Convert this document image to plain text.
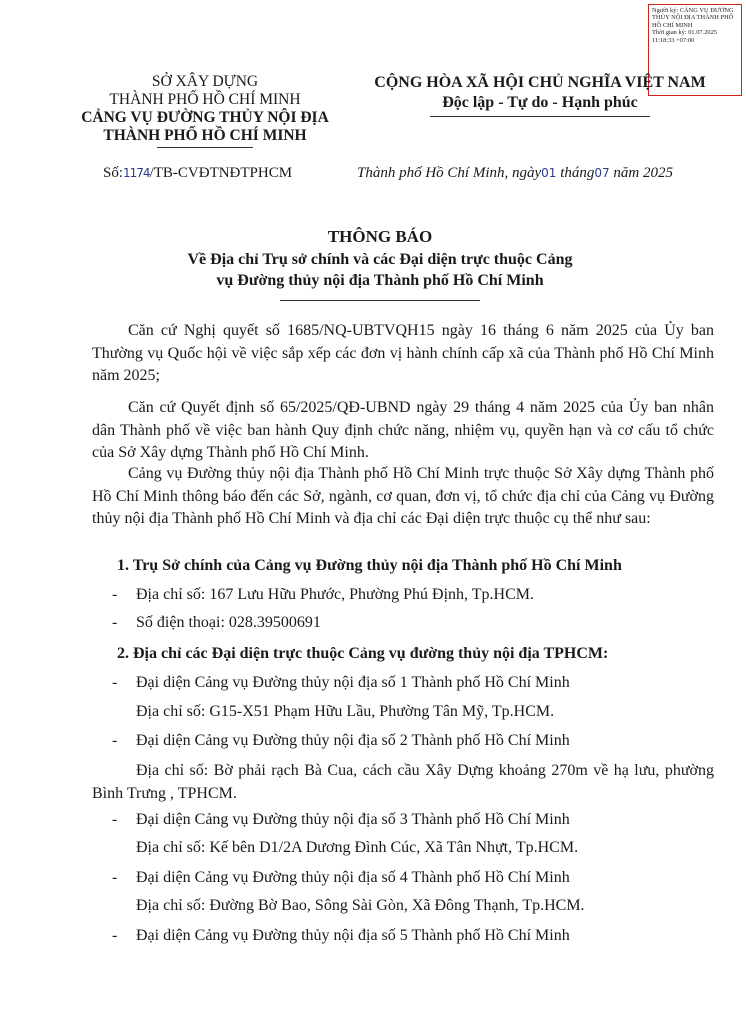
Người ký: CẢNG VỤ ĐƯỜNG THỦY NỘI ĐỊA THÀNH PHỐ HỒ CHÍ MINH
Thời gian ký: 01.07.2025 11:18:33 +07:00
SỞ XÂY DỰNG
THÀNH PHỐ HỒ CHÍ MINH
CẢNG VỤ ĐƯỜNG THỦY NỘI ĐỊA
THÀNH PHỐ HỒ CHÍ MINH
CỘNG HÒA XÃ HỘI CHỦ NGHĨA VIỆT NAM
Độc lập - Tự do - Hạnh phúc
Số:1174/TB-CVĐTNĐTPHCM	Thành phố Hồ Chí Minh, ngày01 tháng07 năm 2025
THÔNG BÁO
Về Địa chỉ Trụ sở chính và các Đại diện trực thuộc Cảng
vụ Đường thủy nội địa Thành phố Hồ Chí Minh

Căn cứ Nghị quyết số 1685/NQ-UBTVQH15 ngày 16 tháng 6 năm 2025 của Ủy ban Thường vụ Quốc hội về việc sắp xếp các đơn vị hành chính cấp xã của Thành phố Hồ Chí Minh năm 2025;

Căn cứ Quyết định số 65/2025/QĐ-UBND ngày 29 tháng 4 năm 2025 của Ủy ban nhân dân Thành phố về việc ban hành Quy định chức năng, nhiệm vụ, quyền hạn và cơ cấu tổ chức của Sở Xây dựng Thành phố Hồ Chí Minh.

Cảng vụ Đường thủy nội địa Thành phố Hồ Chí Minh trực thuộc Sở Xây dựng Thành phố Hồ Chí Minh thông báo đến các Sở, ngành, cơ quan, đơn vị, tổ chức địa chỉ của Cảng vụ Đường thủy nội địa Thành phố Hồ Chí Minh và địa chỉ các Đại diện trực thuộc cụ thể như sau:

1. Trụ Sở chính của Cảng vụ Đường thủy nội địa Thành phố Hồ Chí Minh

- Địa chỉ số: 167 Lưu Hữu Phước, Phường Phú Định, Tp.HCM.

- Số điện thoại: 028.39500691

2. Địa chỉ các Đại diện trực thuộc Cảng vụ đường thủy nội địa TPHCM:

- Đại diện Cảng vụ Đường thủy nội địa số 1 Thành phố Hồ Chí Minh

Địa chỉ số: G15-X51 Phạm Hữu Lầu, Phường Tân Mỹ, Tp.HCM.

- Đại diện Cảng vụ Đường thủy nội địa số 2 Thành phố Hồ Chí Minh

Địa chỉ số: Bờ phải rạch Bà Cua, cách cầu Xây Dựng khoảng 270m về hạ lưu, phường Bình Trưng , TPHCM.

- Đại diện Cảng vụ Đường thủy nội địa số 3 Thành phố Hồ Chí Minh

Địa chỉ số: Kế bên D1/2A Dương Đình Cúc, Xã Tân Nhựt, Tp.HCM.

- Đại diện Cảng vụ Đường thủy nội địa số 4 Thành phố Hồ Chí Minh

Địa chỉ số: Đường Bờ Bao, Sông Sài Gòn, Xã Đông Thạnh, Tp.HCM.

- Đại diện Cảng vụ Đường thủy nội địa số 5 Thành phố Hồ Chí Minh
